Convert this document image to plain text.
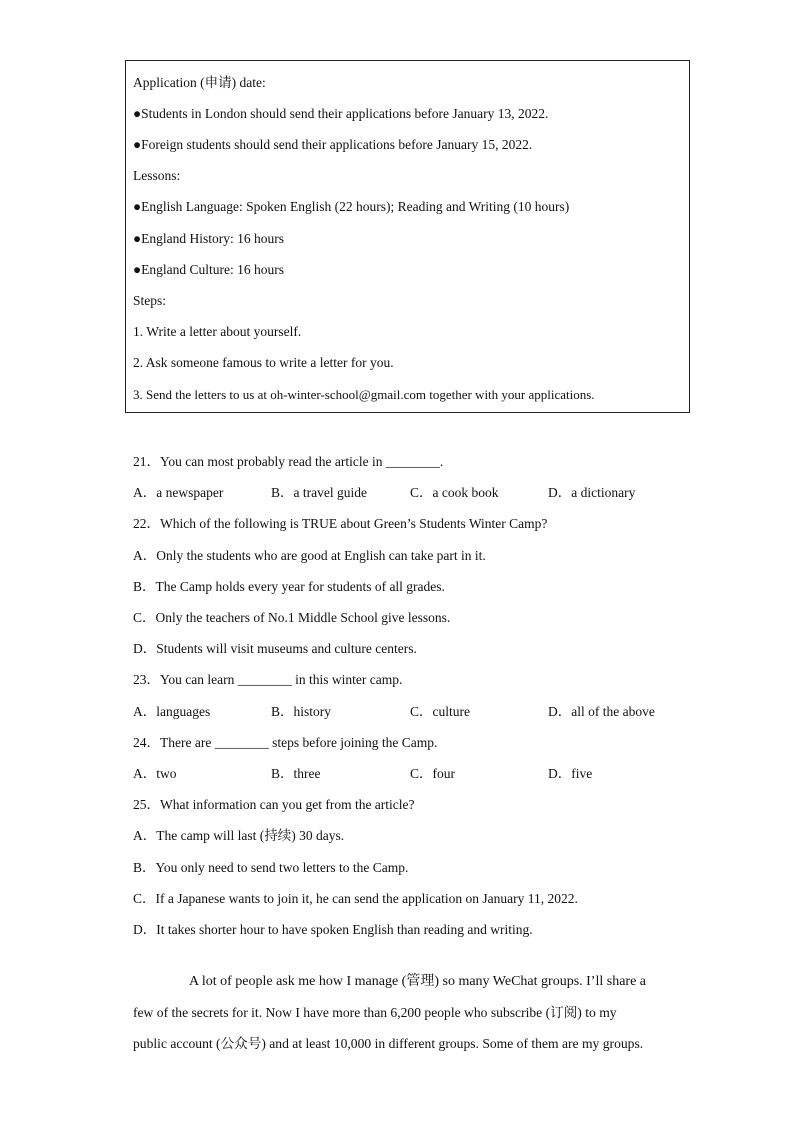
Application (申请) date:
●Students in London should send their applications before January 13, 2022.
●Foreign students should send their applications before January 15, 2022.
Lessons:
●English Language: Spoken English (22 hours); Reading and Writing (10 hours)
●England History: 16 hours
●England Culture: 16 hours
Steps:
1. Write a letter about yourself.
2. Ask someone famous to write a letter for you.
3. Send the letters to us at oh-winter-school@gmail.com together with your applications.
21．You can most probably read the article in ________.
A．a newspaper	B．a travel guide	C．a cook book	D．a dictionary
22．Which of the following is TRUE about Green’s Students Winter Camp?
A．Only the students who are good at English can take part in it.
B．The Camp holds every year for students of all grades.
C．Only the teachers of No.1 Middle School give lessons.
D．Students will visit museums and culture centers.
23．You can learn ________ in this winter camp.
A．languages	B．history	C．culture	D．all of the above
24．There are ________ steps before joining the Camp.
A．two	B．three	C．four	D．five
25．What information can you get from the article?
A．The camp will last (持续) 30 days.
B．You only need to send two letters to the Camp.
C．If a Japanese wants to join it, he can send the application on January 11, 2022.
D．It takes shorter hour to have spoken English than reading and writing.
A lot of people ask me how I manage (管理) so many WeChat groups. I’ll share a
few of the secrets for it. Now I have more than 6,200 people who subscribe (订阅) to my
public account (公众号) and at least 10,000 in different groups. Some of them are my groups.
